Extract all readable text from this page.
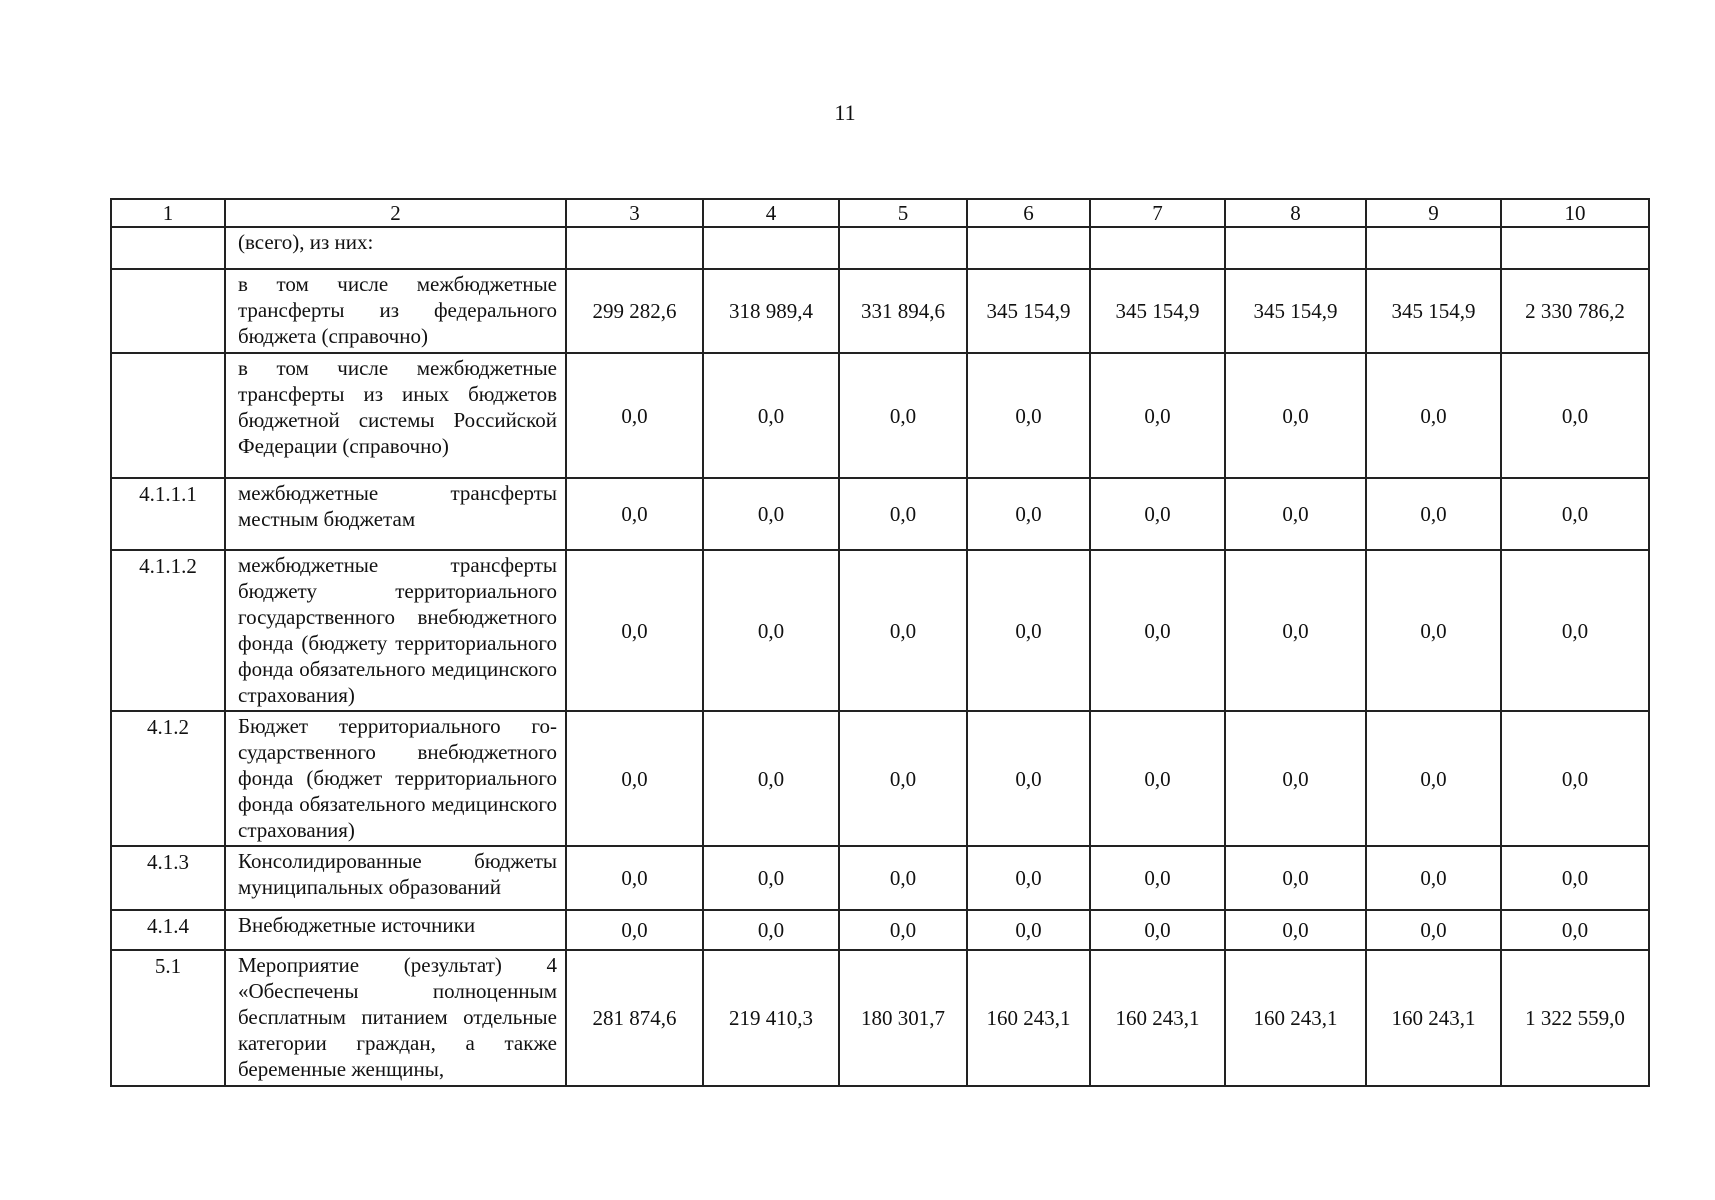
11
1	2	3	4	5	6	7	8	9	10
	(всего), из них:								
	в том числе межбюджетные трансферты из федерального бюджета (справочно)	299 282,6	318 989,4	331 894,6	345 154,9	345 154,9	345 154,9	345 154,9	2 330 786,2
	в том числе межбюджетные трансферты из иных бюджетов бюджетной системы Российской Федерации (справочно)	0,0	0,0	0,0	0,0	0,0	0,0	0,0	0,0
4.1.1.1	межбюджетные трансферты местным бюджетам	0,0	0,0	0,0	0,0	0,0	0,0	0,0	0,0
4.1.1.2	межбюджетные трансферты бюджету территориального государственного внебюджетного фонда (бюджету территориального фонда обязательного медицинского страхования)	0,0	0,0	0,0	0,0	0,0	0,0	0,0	0,0
4.1.2	Бюджет территориального государственного внебюджетного фонда (бюджет территориального фонда обязательного медицинского страхования)	0,0	0,0	0,0	0,0	0,0	0,0	0,0	0,0
4.1.3	Консолидированные бюджеты муниципальных образований	0,0	0,0	0,0	0,0	0,0	0,0	0,0	0,0
4.1.4	Внебюджетные источники	0,0	0,0	0,0	0,0	0,0	0,0	0,0	0,0
5.1	Мероприятие (результат) 4 «Обеспечены полноценным бесплатным питанием отдельные категории граждан, а также беременные женщины,	281 874,6	219 410,3	180 301,7	160 243,1	160 243,1	160 243,1	160 243,1	1 322 559,0
